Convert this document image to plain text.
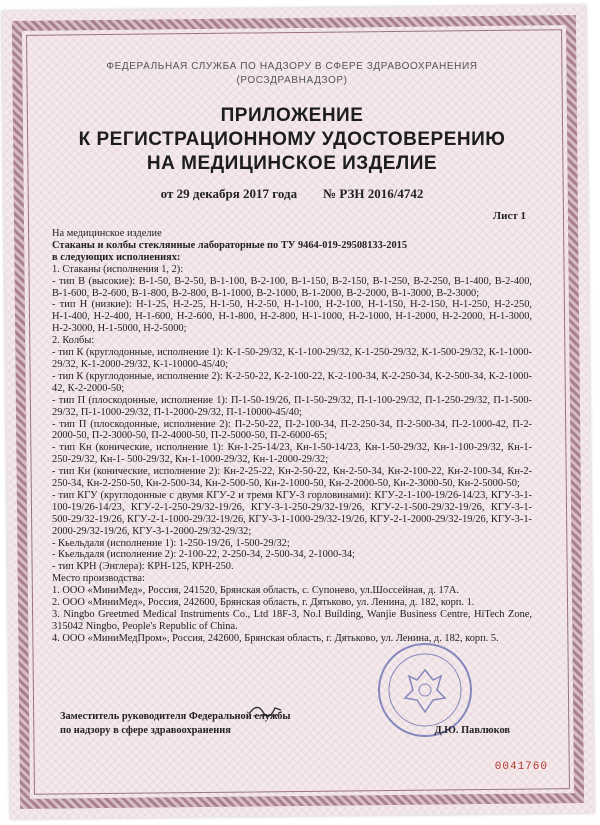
ФЕДЕРАЛЬНАЯ СЛУЖБА ПО НАДЗОРУ В СФЕРЕ ЗДРАВООХРАНЕНИЯ
(РОСЗДРАВНАДЗОР)
ПРИЛОЖЕНИЕ
К РЕГИСТРАЦИОННОМУ УДОСТОВЕРЕНИЮ
НА МЕДИЦИНСКОЕ ИЗДЕЛИЕ
от 29 декабря 2017 года № РЗН 2016/4742
Лист 1
На медицинское изделие
Стаканы и колбы стеклянные лабораторные по ТУ 9464-019-29508133-2015
в следующих исполнениях:
1. Стаканы (исполнения 1, 2):
- тип В (высокие): В-1-50, В-2-50, В-1-100, В-2-100, В-1-150, В-2-150, В-1-250, В-2-250, В-1-400, В-2-400, В-1-600, В-2-600, В-1-800, В-2-800, В-1-1000, В-2-1000, В-1-2000, В-2-2000, В-1-3000, В-2-3000;
- тип Н (низкие): Н-1-25, Н-2-25, Н-1-50, Н-2-50, Н-1-100, Н-2-100, Н-1-150, Н-2-150, Н-1-250, Н-2-250, Н-1-400, Н-2-400, Н-1-600, Н-2-600, Н-1-800, Н-2-800, Н-1-1000, Н-2-1000, Н-1-2000, Н-2-2000, Н-1-3000, Н-2-3000, Н-1-5000, Н-2-5000;
2. Колбы:
- тип К (круглодонные, исполнение 1): К-1-50-29/32, К-1-100-29/32, К-1-250-29/32, К-1-500-29/32, К-1-1000-29/32, К-1-2000-29/32, К-1-10000-45/40;
- тип К (круглодонные, исполнение 2): К-2-50-22, К-2-100-22, К-2-100-34, К-2-250-34, К-2-500-34, К-2-1000-42, К-2-2000-50;
- тип П (плоскодонные, исполнение 1): П-1-50-19/26, П-1-50-29/32, П-1-100-29/32, П-1-250-29/32, П-1-500-29/32, П-1-1000-29/32, П-1-2000-29/32, П-1-10000-45/40;
- тип П (плоскодонные, исполнение 2): П-2-50-22, П-2-100-34, П-2-250-34, П-2-500-34, П-2-1000-42, П-2-2000-50, П-2-3000-50, П-2-4000-50, П-2-5000-50, П-2-6000-65;
- тип Кн (конические, исполнение 1): Кн-1-25-14/23, Кн-1-50-14/23, Кн-1-50-29/32, Кн-1-100-29/32, Кн-1-250-29/32, Кн-1- 500-29/32, Кн-1-1000-29/32, Кн-1-2000-29/32;
- тип Кн (конические, исполнение 2): Кн-2-25-22, Кн-2-50-22, Кн-2-50-34, Кн-2-100-22, Кн-2-100-34, Кн-2-250-34, Кн-2-250-50, Кн-2-500-34, Кн-2-500-50, Кн-2-1000-50, Кн-2-2000-50, Кн-2-3000-50, Кн-2-5000-50;
- тип КГУ (круглодонные с двумя КГУ-2 и тремя КГУ-3 горловинами): КГУ-2-1-100-19/26-14/23, КГУ-3-1-100-19/26-14/23, КГУ-2-1-250-29/32-19/26, КГУ-3-1-250-29/32-19/26, КГУ-2-1-500-29/32-19/26, КГУ-3-1-500-29/32-19/26, КГУ-2-1-1000-29/32-19/26, КГУ-3-1-1000-29/32-19/26, КГУ-2-1-2000-29/32-19/26, КГУ-3-1-2000-29/32-19/26, КГУ-3-1-2000-29/32-29/32;
- Кьельдаля (исполнение 1): 1-250-19/26, 1-500-29/32;
- Кьельдаля (исполнение 2): 2-100-22, 2-250-34, 2-500-34, 2-1000-34;
- тип КРН (Энглера): КРН-125, КРН-250.
Место производства:
1. ООО «МиниМед», Россия, 241520, Брянская область, с. Супонево, ул.Шоссейная, д. 17А.
2. ООО «МиниМед», Россия, 242600, Брянская область, г. Дятьково, ул. Ленина, д. 182, корп. 1.
3. Ningbo Greetmed Medical Instruments Co., Ltd 18F-3, No.l Building, Wanjie Business Centre, HiTech Zone, 315042 Ningbo, People's Republic of China.
4. ООО «МиниМедПром», Россия, 242600, Брянская область, г. Дятьково, ул. Ленина, д. 182, корп. 5.
Заместитель руководителя Федеральной службы
по надзору в сфере здравоохранения	Д.Ю. Павлюков
0041760
